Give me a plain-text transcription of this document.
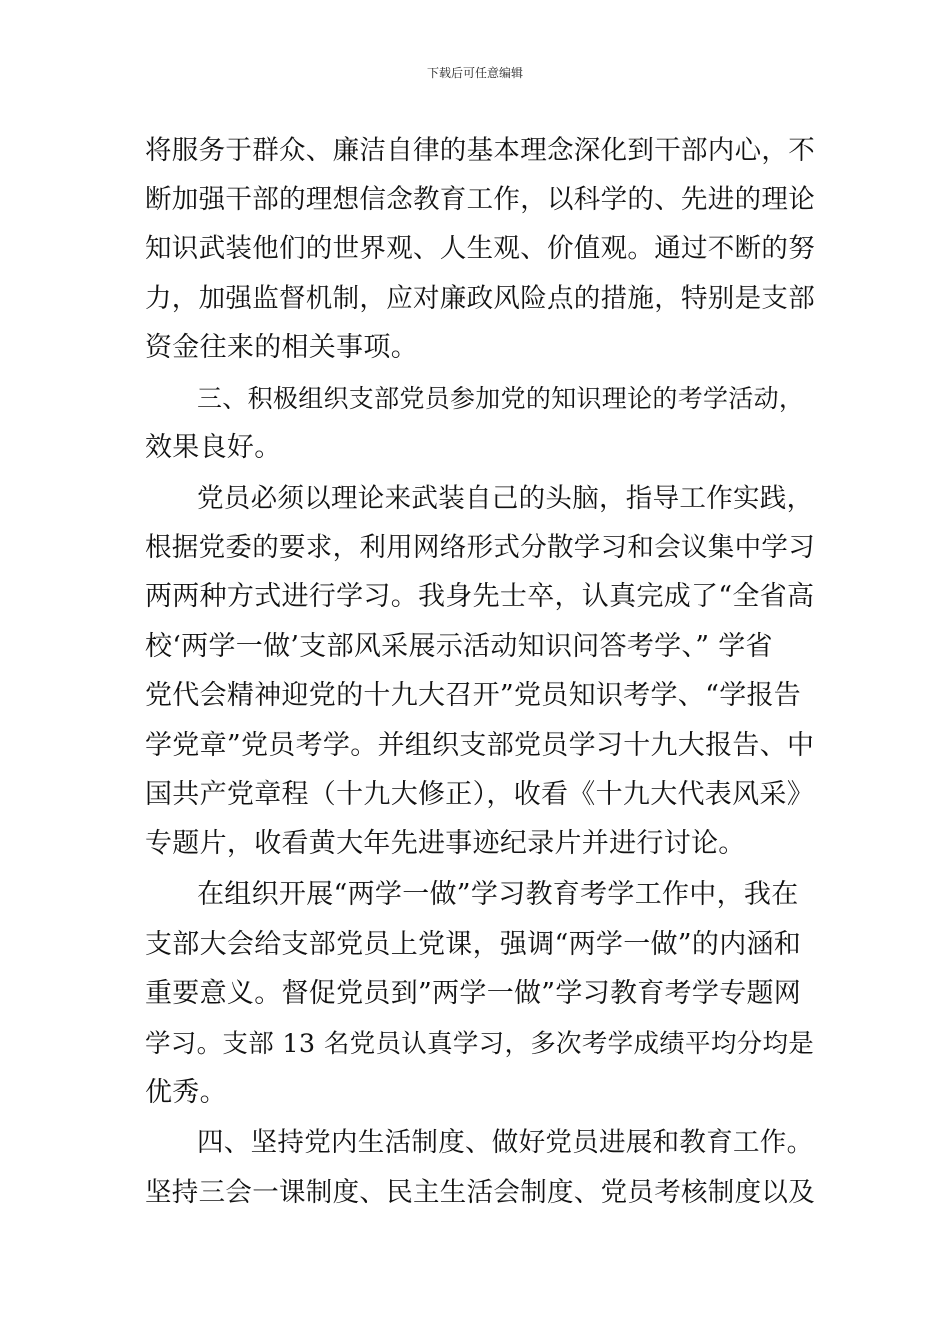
下载后可任意编辑
将服务于群众、廉洁自律的基本理念深化到干部内心，不
断加强干部的理想信念教育工作，以科学的、先进的理论
知识武装他们的世界观、人生观、价值观。通过不断的努
力，加强监督机制，应对廉政风险点的措施，特别是支部
资金往来的相关事项。
三、积极组织支部党员参加党的知识理论的考学活动，
效果良好。
党员必须以理论来武装自己的头脑，指导工作实践，
根据党委的要求，利用网络形式分散学习和会议集中学习
两两种方式进行学习。我身先士卒，认真完成了“全省高
校‘两学一做’支部风采展示活动知识问答考学、” 学省
党代会精神迎党的十九大召开”党员知识考学、“学报告
学党章”党员考学。并组织支部党员学习十九大报告、中
国共产党章程（十九大修正），收看《十九大代表风采》
专题片，收看黄大年先进事迹纪录片并进行讨论。
在组织开展“两学一做”学习教育考学工作中，我在
支部大会给支部党员上党课，强调“两学一做”的内涵和
重要意义。督促党员到”两学一做”学习教育考学专题网
学习。支部 13 名党员认真学习，多次考学成绩平均分均是
优秀。
四、坚持党内生活制度、做好党员进展和教育工作。
坚持三会一课制度、民主生活会制度、党员考核制度以及
